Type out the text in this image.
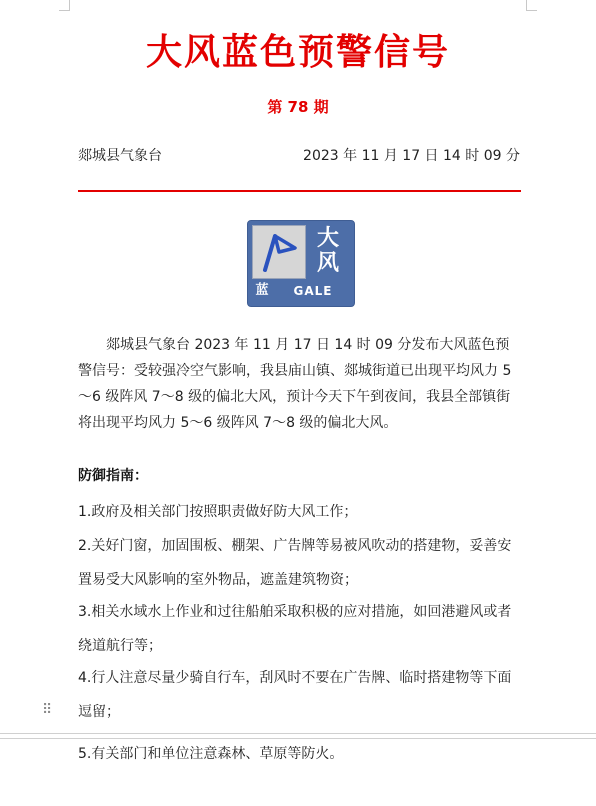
大风蓝色预警信号
第 78 期
郯城县气象台	2023 年 11 月 17 日 14 时 09 分
大
风
蓝	GALE
郯城县气象台 2023 年 11 月 17 日 14 时 09 分发布大风蓝色预警信号：受较强冷空气影响，我县庙山镇、郯城街道已出现平均风力 5～6 级阵风 7～8 级的偏北大风，预计今天下午到夜间，我县全部镇街将出现平均风力 5～6 级阵风 7～8 级的偏北大风。
防御指南：
1.政府及相关部门按照职责做好防大风工作；
2.关好门窗，加固围板、棚架、广告牌等易被风吹动的搭建物，妥善安置易受大风影响的室外物品，遮盖建筑物资；
3.相关水域水上作业和过往船舶采取积极的应对措施，如回港避风或者绕道航行等；
4.行人注意尽量少骑自行车，刮风时不要在广告牌、临时搭建物等下面逗留；
⠿
5.有关部门和单位注意森林、草原等防火。
